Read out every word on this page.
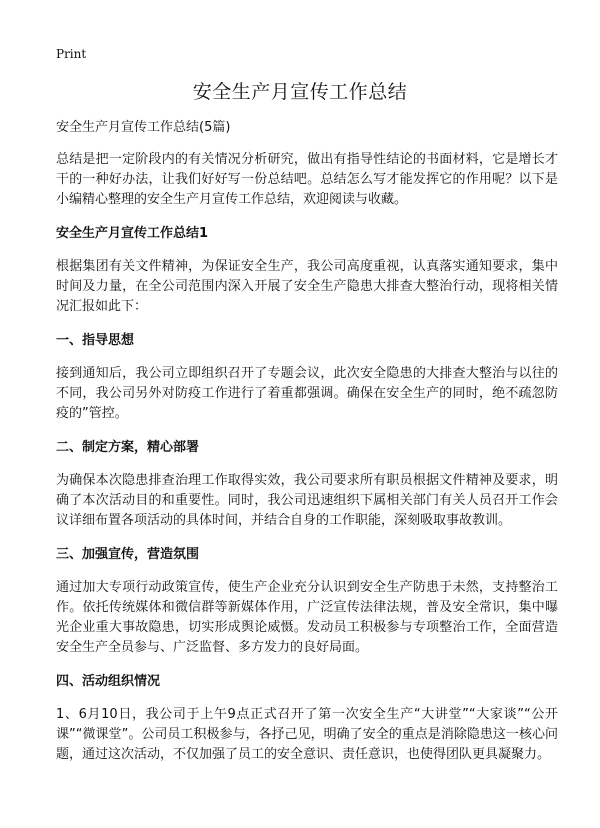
Print
安全生产月宣传工作总结

安全生产月宣传工作总结(5篇)

总结是把一定阶段内的有关情况分析研究，做出有指导性结论的书面材料，它是增长才干的一种好办法，让我们好好写一份总结吧。总结怎么写才能发挥它的作用呢？以下是小编精心整理的安全生产月宣传工作总结，欢迎阅读与收藏。

安全生产月宣传工作总结1

根据集团有关文件精神，为保证安全生产，我公司高度重视，认真落实通知要求，集中时间及力量，在全公司范围内深入开展了安全生产隐患大排查大整治行动，现将相关情况汇报如此下：

一、指导思想

接到通知后，我公司立即组织召开了专题会议，此次安全隐患的大排查大整治与以往的不同，我公司另外对防疫工作进行了着重都强调。确保在安全生产的同时，绝不疏忽防疫的”管控。

二、制定方案，精心部署

为确保本次隐患排查治理工作取得实效，我公司要求所有职员根据文件精神及要求，明确了本次活动目的和重要性。同时，我公司迅速组织下属相关部门有关人员召开工作会议详细布置各项活动的具体时间，并结合自身的工作职能，深刻吸取事故教训。

三、加强宣传，营造氛围

通过加大专项行动政策宣传，使生产企业充分认识到安全生产防患于未然，支持整治工作。依托传统媒体和微信群等新媒体作用，广泛宣传法律法规，普及安全常识，集中曝光企业重大事故隐患，切实形成舆论威慑。发动员工积极参与专项整治工作，全面营造安全生产全员参与、广泛监督、多方发力的良好局面。

四、活动组织情况

1、6月10日，我公司于上午9点正式召开了第一次安全生产“大讲堂”“大家谈”“公开课”“微课堂”。公司员工积极参与，各抒己见，明确了安全的重点是消除隐患这一核心问题，通过这次活动，不仅加强了员工的安全意识、责任意识，也使得团队更具凝聚力。
